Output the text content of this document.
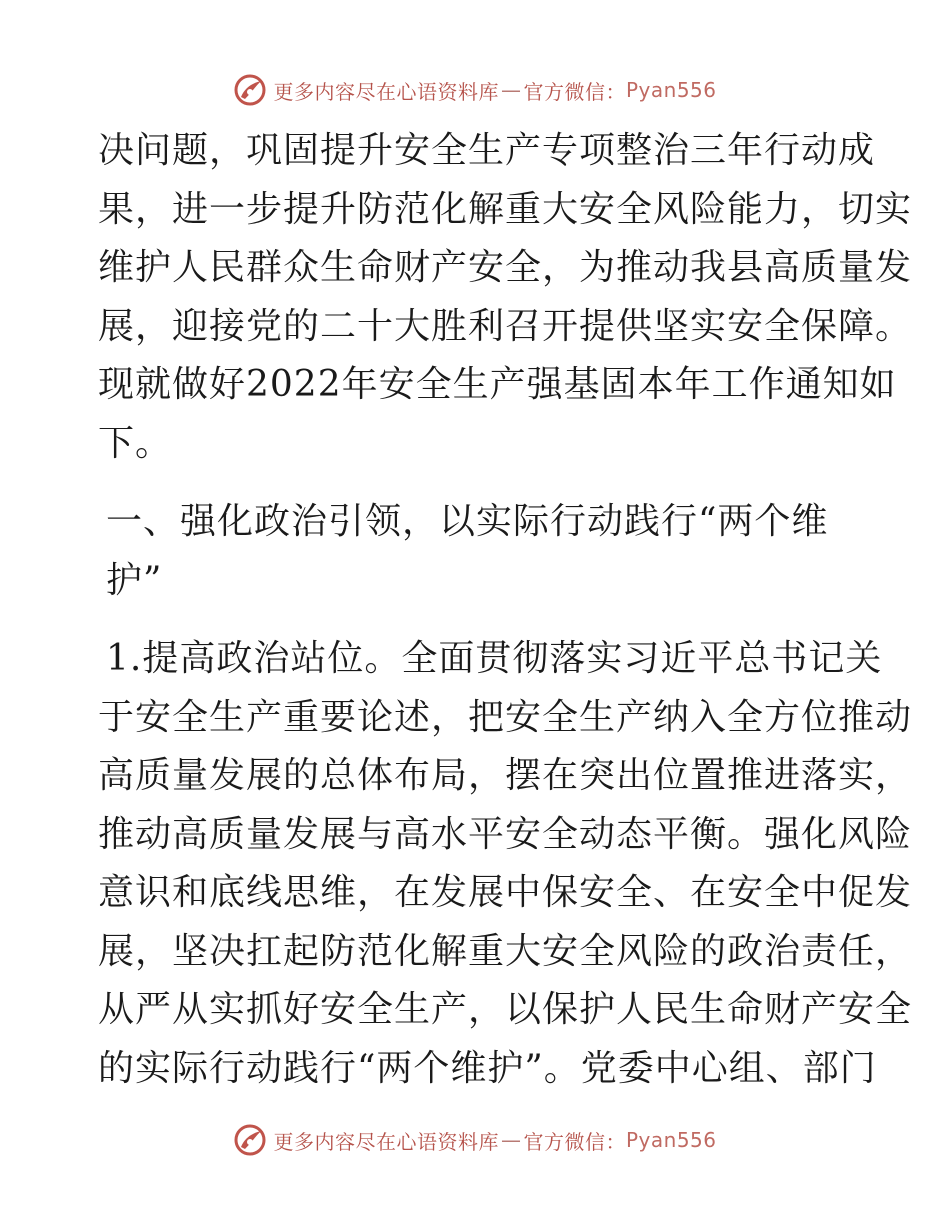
更多内容尽在心语资料库 — 官方微信： Pyan556
决问题，巩固提升安全生产专项整治三年行动成
果，进一步提升防范化解重大安全风险能力，切实
维护人民群众生命财产安全，为推动我县高质量发
展，迎接党的二十大胜利召开提供坚实安全保障。
现就做好2022年安全生产强基固本年工作通知如
下。
一、强化政治引领，以实际行动践行“两个维
护”
1.提高政治站位。全面贯彻落实习近平总书记关
于安全生产重要论述，把安全生产纳入全方位推动
高质量发展的总体布局，摆在突出位置推进落实，
推动高质量发展与高水平安全动态平衡。强化风险
意识和底线思维，在发展中保安全、在安全中促发
展，坚决扛起防范化解重大安全风险的政治责任，
从严从实抓好安全生产，以保护人民生命财产安全
的实际行动践行“两个维护”。党委中心组、部门
更多内容尽在心语资料库 — 官方微信： Pyan556
